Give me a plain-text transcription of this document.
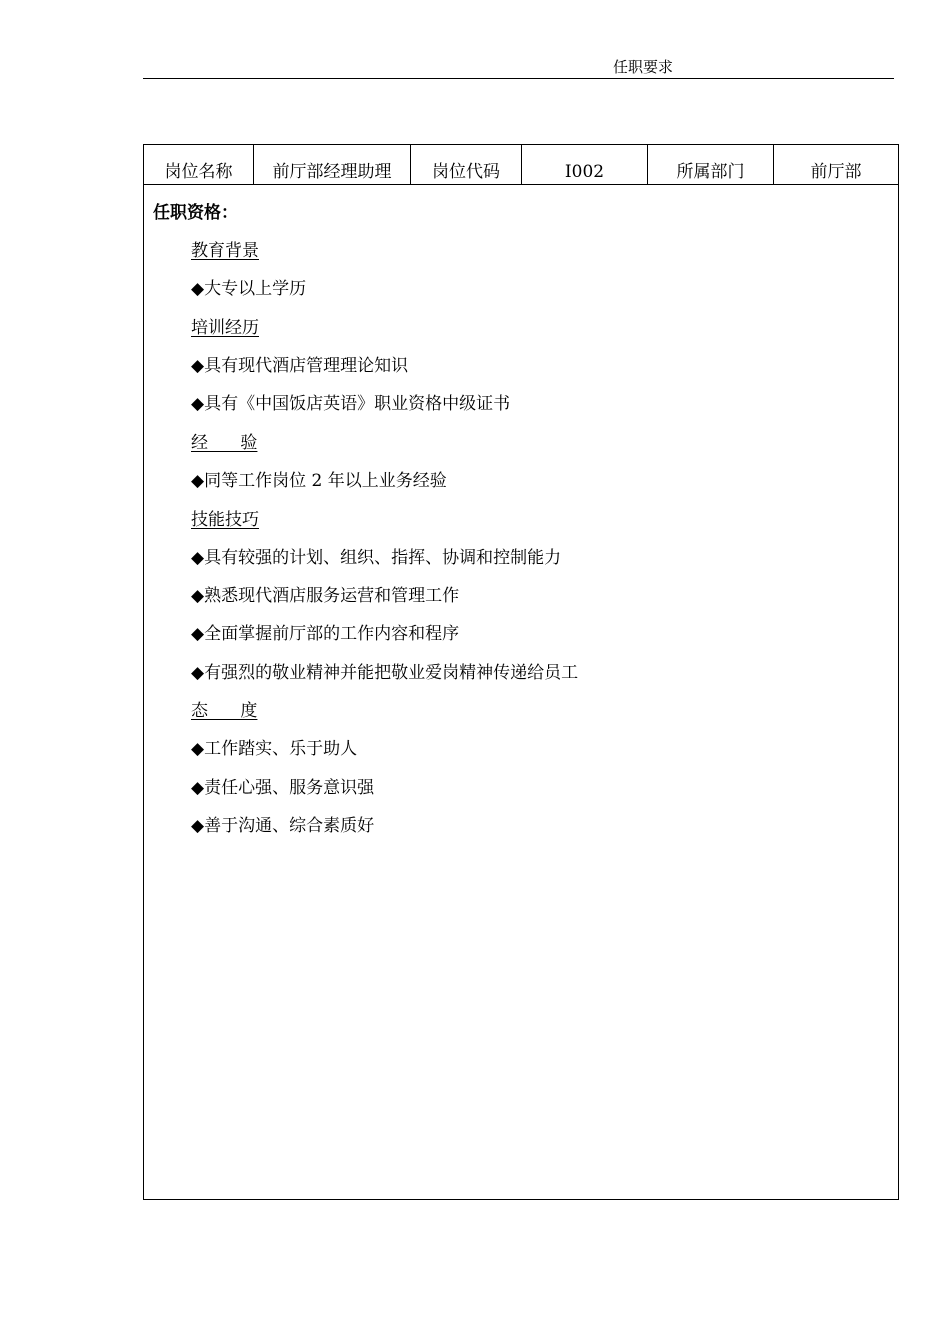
任职要求
岗位名称	前厅部经理助理	岗位代码	I002	所属部门	前厅部
任职资格：
教育背景
◆大专以上学历
培训经历
◆具有现代酒店管理理论知识
◆具有《中国饭店英语》职业资格中级证书
经      验
◆同等工作岗位 2 年以上业务经验
技能技巧
◆具有较强的计划、组织、指挥、协调和控制能力
◆熟悉现代酒店服务运营和管理工作
◆全面掌握前厅部的工作内容和程序
◆有强烈的敬业精神并能把敬业爱岗精神传递给员工
态      度
◆工作踏实、乐于助人
◆责任心强、服务意识强
◆善于沟通、综合素质好
